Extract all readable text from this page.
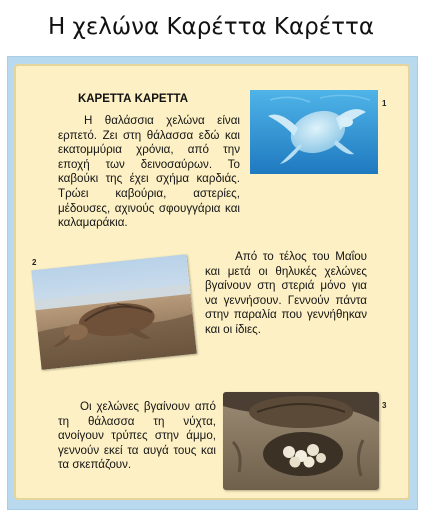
Η χελώνα Καρέττα Καρέττα
ΚΑΡΕΤΤΑ ΚΑΡΕΤΤΑ
Η θαλάσσια χελώνα είναι ερπετό. Ζει στη θάλασσα εδώ και εκατομμύρια χρόνια, από την εποχή των δεινοσαύρων. Το καβούκι της έχει σχήμα καρδιάς. Τρώει καβούρια, αστερίες, μέδουσες, αχινούς σφουγγάρια και καλαμαράκια.
1
2	Από το τέλος του Μαΐου και μετά οι θηλυκές χελώνες βγαίνουν στη στεριά μόνο για να γεννήσουν. Γεννούν πάντα στην παραλία που γεννήθηκαν και οι ίδιες.
Οι χελώνες βγαίνουν από τη θάλασσα τη νύχτα, ανοίγουν τρύπες στην άμμο, γεννούν εκεί τα αυγά τους και τα σκεπάζουν.
3
